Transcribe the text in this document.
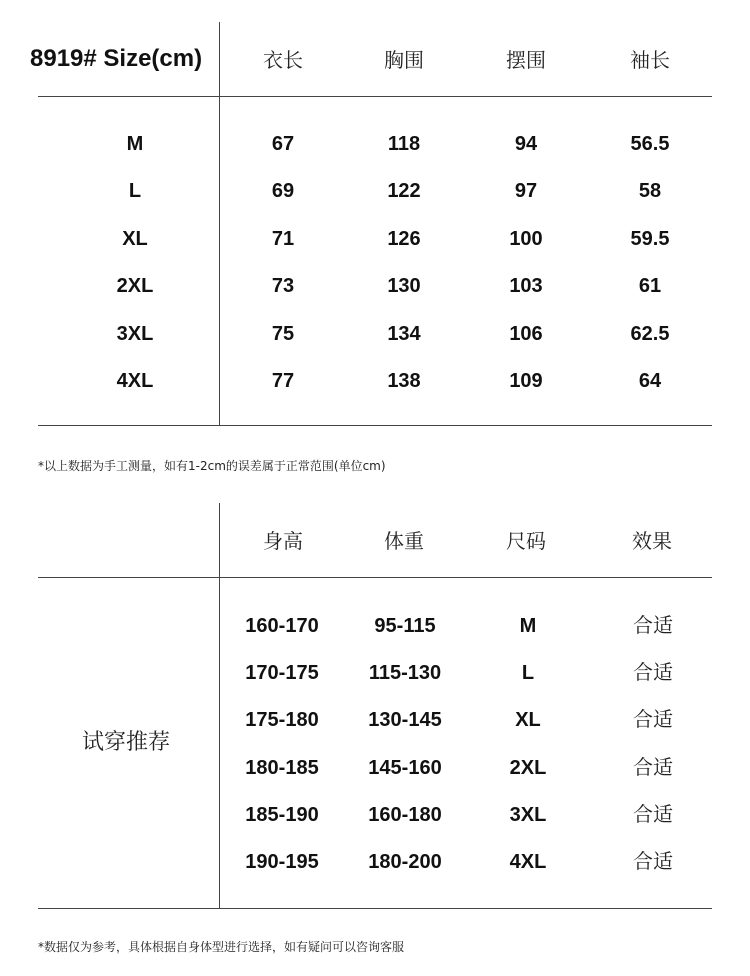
8919# Size(cm)	衣长	胸围	摆围	袖长
M	67	118	94	56.5
L	69	122	97	58
XL	71	126	100	59.5
2XL	73	130	103	61
3XL	75	134	106	62.5
4XL	77	138	109	64
*以上数据为手工测量，如有1-2cm的误差属于正常范围(单位cm)
试穿推荐
身高	体重	尺码	效果
160-170	95-115	M	合适
170-175	115-130	L	合适
175-180	130-145	XL	合适
180-185	145-160	2XL	合适
185-190	160-180	3XL	合适
190-195	180-200	4XL	合适
*数据仅为参考，具体根据自身体型进行选择，如有疑问可以咨询客服
